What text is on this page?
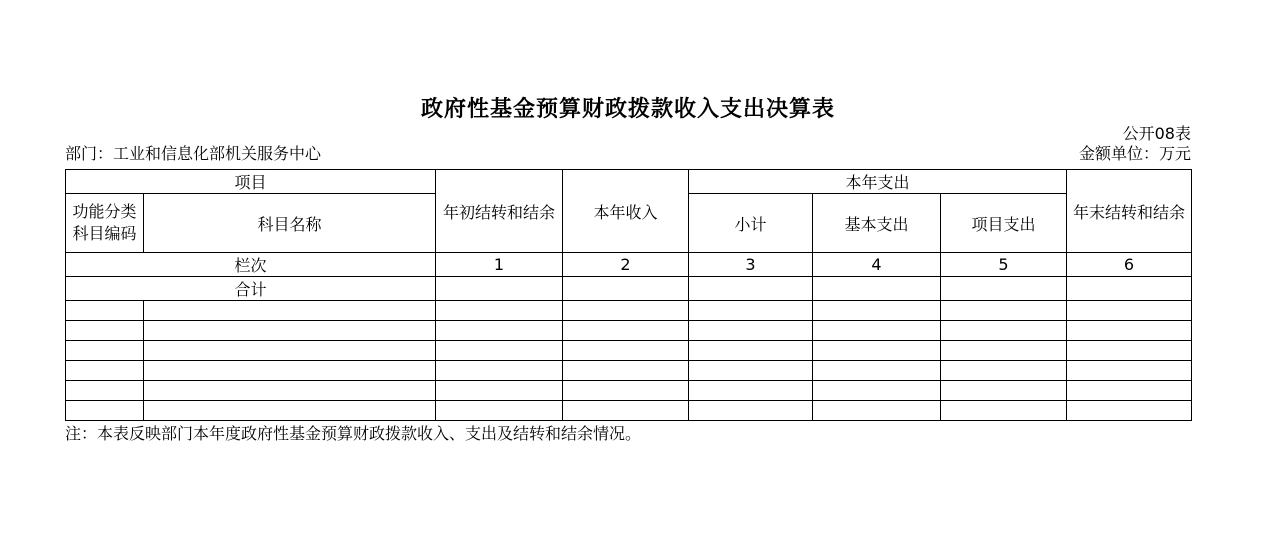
政府性基金预算财政拨款收入支出决算表
公开08表
部门：工业和信息化部机关服务中心	金额单位：万元
项目		年初结转和结余	本年收入	本年支出			年末结转和结余

功能分类
科目编码	科目名称			小计	基本支出	项目支出	
栏次		1	2	3	4	5	6
合计							

注：本表反映部门本年度政府性基金预算财政拨款收入、支出及结转和结余情况。
